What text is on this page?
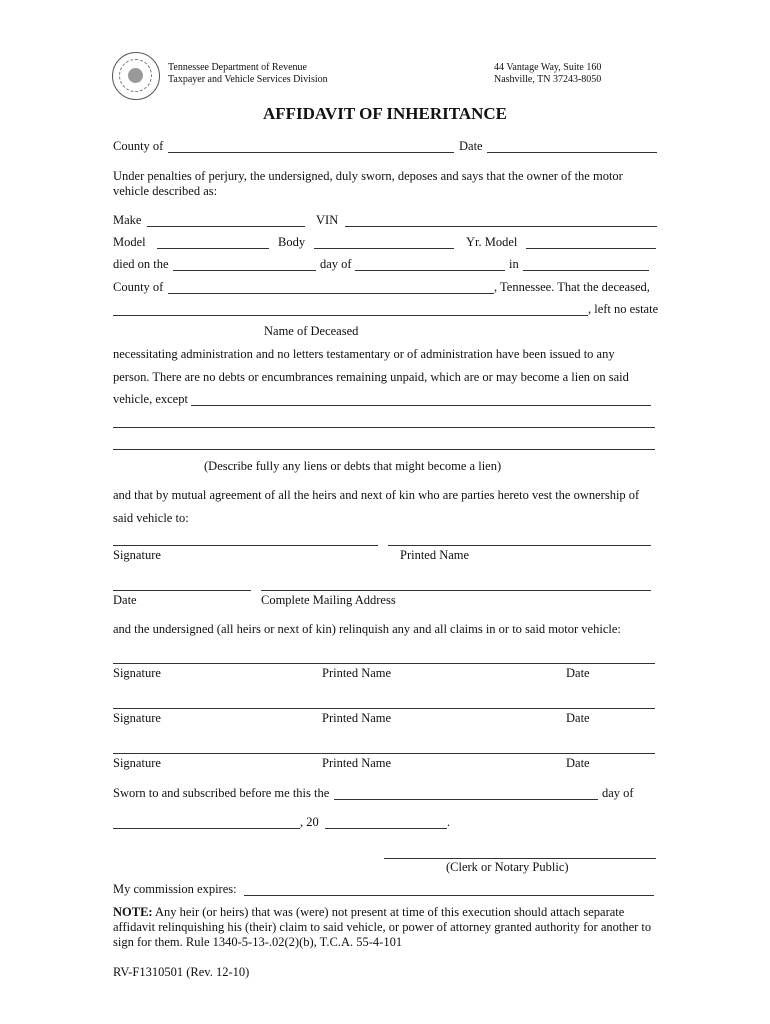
Tennessee Department of Revenue
Taxpayer and Vehicle Services Division
44 Vantage Way, Suite 160
Nashville, TN 37243-8050
AFFIDAVIT OF INHERITANCE
County of	Date
Under penalties of perjury, the undersigned, duly sworn, deposes and says that the owner of the motor vehicle described as:
Make	VIN
Model	Body	Yr. Model
died on the	day of	in
County of	, Tennessee. That the deceased,
, left no estate
Name of Deceased
necessitating administration and no letters testamentary or of administration have been issued to any
person. There are no debts or encumbrances remaining unpaid, which are or may become a lien on said
vehicle, except
(Describe fully any liens or debts that might become a lien)
and that by mutual agreement of all the heirs and next of kin who are parties hereto vest the ownership of
said vehicle to:
Signature	Printed Name
Date	Complete Mailing Address
and the undersigned (all heirs or next of kin) relinquish any and all claims in or to said motor vehicle:
Signature	Printed Name	Date
Signature	Printed Name	Date
Signature	Printed Name	Date
Sworn to and subscribed before me this the	day of
, 20	.
(Clerk or Notary Public)
My commission expires:
NOTE: Any heir (or heirs) that was (were) not present at time of this execution should attach separate affidavit relinquishing his (their) claim to said vehicle, or power of attorney granted authority for another to sign for them. Rule 1340-5-13-.02(2)(b), T.C.A. 55-4-101
RV-F1310501 (Rev. 12-10)
